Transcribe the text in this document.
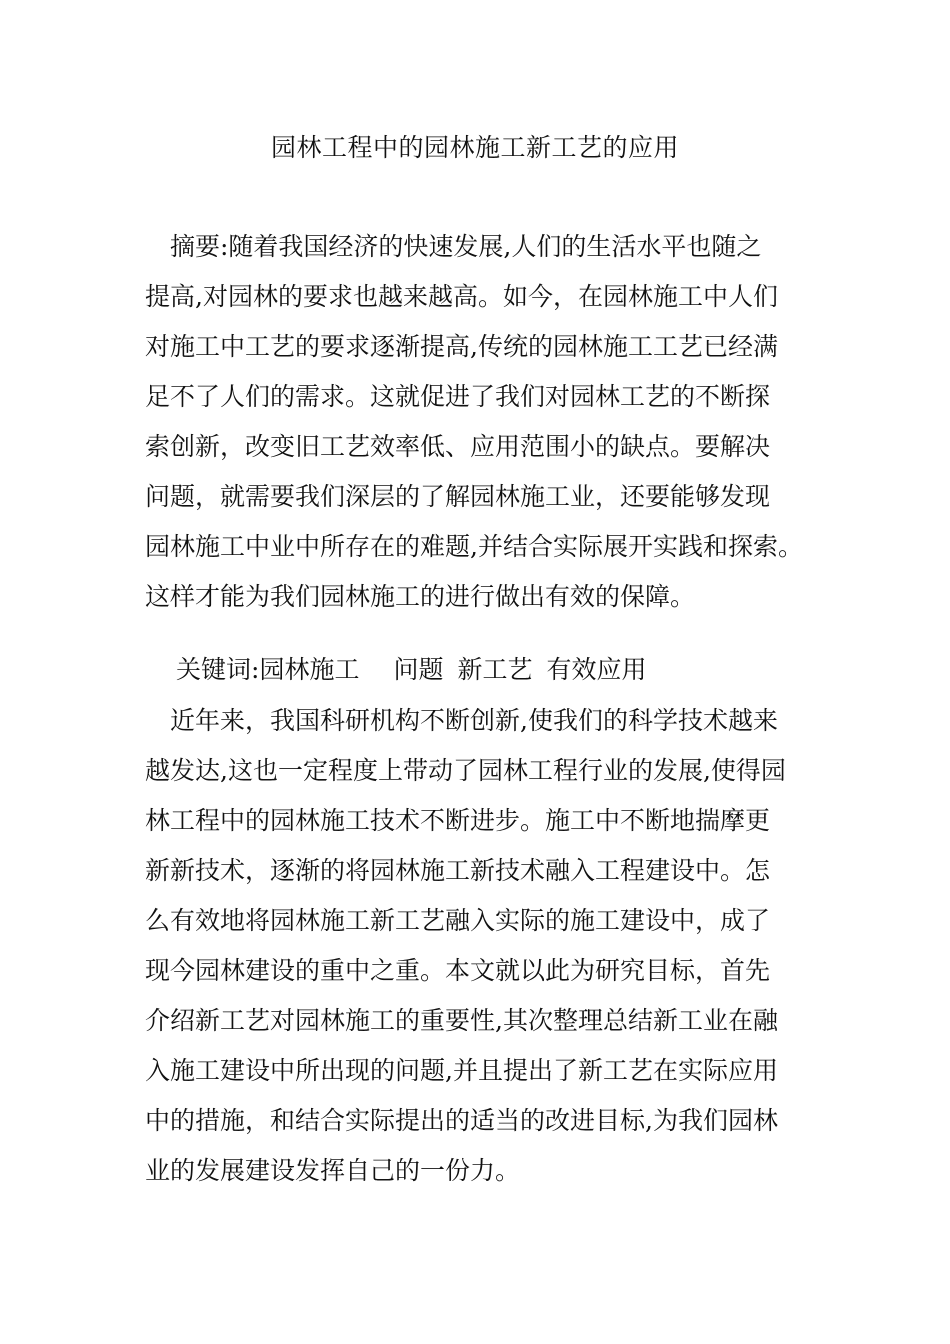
园林工程中的园林施工新工艺的应用
　摘要:随着我国经济的快速发展,人们的生活水平也随之
提高,对园林的要求也越来越高。如今，在园林施工中人们
对施工中工艺的要求逐渐提高,传统的园林施工工艺已经满
足不了人们的需求。这就促进了我们对园林工艺的不断探
索创新，改变旧工艺效率低、应用范围小的缺点。要解决
问题，就需要我们深层的了解园林施工业，还要能够发现
园林施工中业中所存在的难题,并结合实际展开实践和探索。
这样才能为我们园林施工的进行做出有效的保障。
关键词:园林施工 问题 新工艺 有效应用
　近年来，我国科研机构不断创新,使我们的科学技术越来
越发达,这也一定程度上带动了园林工程行业的发展,使得园
林工程中的园林施工技术不断进步。施工中不断地揣摩更
新新技术，逐渐的将园林施工新技术融入工程建设中。怎
么有效地将园林施工新工艺融入实际的施工建设中，成了
现今园林建设的重中之重。本文就以此为研究目标，首先
介绍新工艺对园林施工的重要性,其次整理总结新工业在融
入施工建设中所出现的问题,并且提出了新工艺在实际应用
中的措施，和结合实际提出的适当的改进目标,为我们园林
业的发展建设发挥自己的一份力。
